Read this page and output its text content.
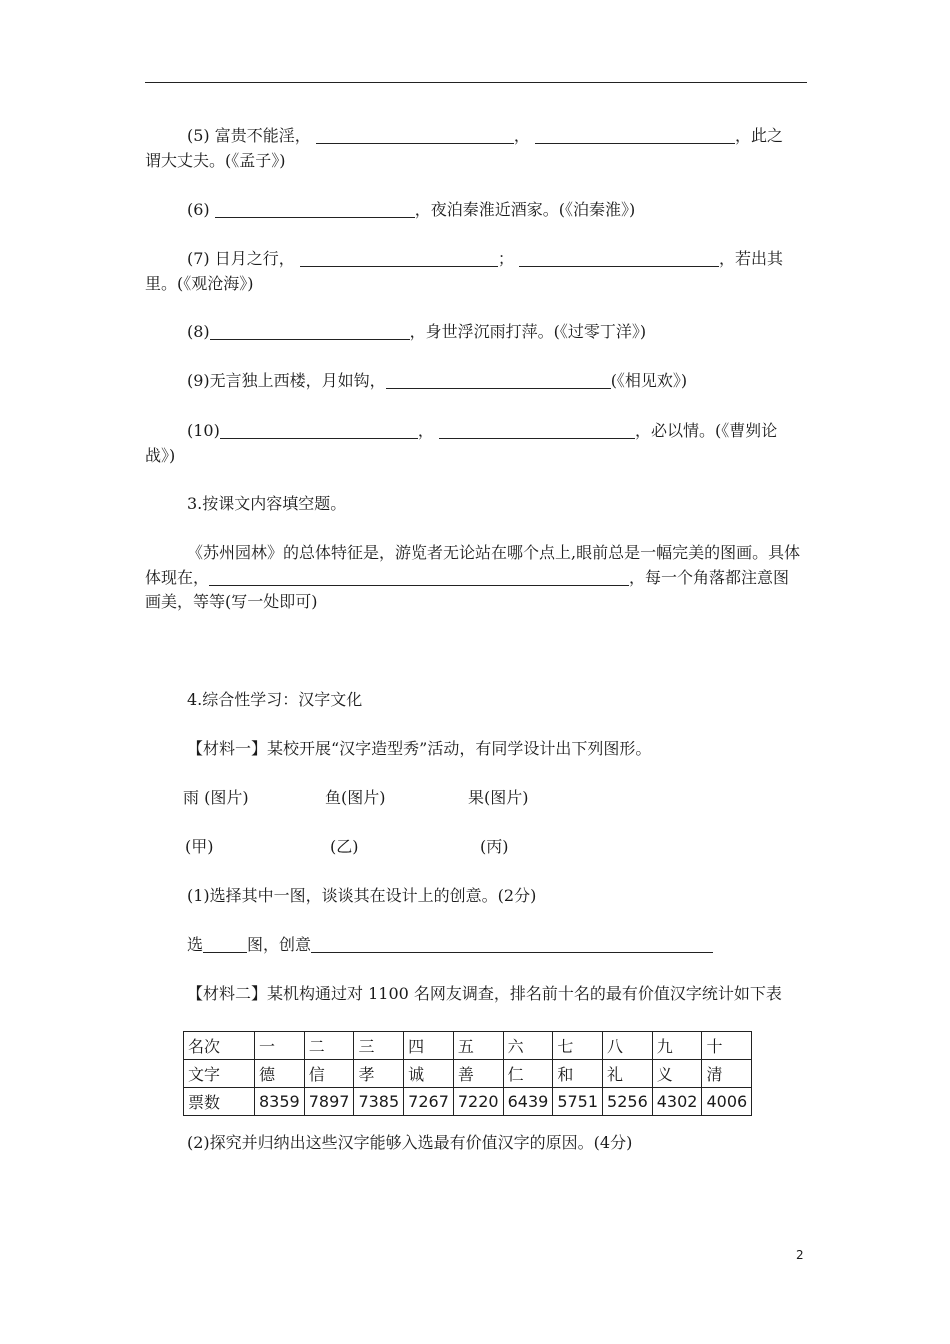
(5) 富贵不能淫，	，	，此之
谓大丈夫。(《孟子》)
(6)	，夜泊秦淮近酒家。(《泊秦淮》)
(7) 日月之行，	；	，若出其
里。(《观沧海》)
(8)	，身世浮沉雨打萍。(《过零丁洋》)
(9)无言独上西楼，月如钩，	(《相见欢》)
(10)	，	，必以情。(《曹刿论
战》)
3.按课文内容填空题。
《苏州园林》的总体特征是，游览者无论站在哪个点上,眼前总是一幅完美的图画。具体
体现在，	，每一个角落都注意图
画美，等等(写一处即可)
4.综合性学习：汉字文化
【材料一】某校开展“汉字造型秀”活动，有同学设计出下列图形。
雨 (图片)	鱼(图片)	果(图片)
(甲)	(乙)	(丙)
(1)选择其中一图，谈谈其在设计上的创意。(2分)
选	图，创意
【材料二】某机构通过对 1100 名网友调查，排名前十名的最有价值汉字统计如下表
名次	一	二	三	四	五	六	七	八	九	十
文字	德	信	孝	诚	善	仁	和	礼	义	清
票数	8359	7897	7385	7267	7220	6439	5751	5256	4302	4006
(2)探究并归纳出这些汉字能够入选最有价值汉字的原因。(4分)
2
